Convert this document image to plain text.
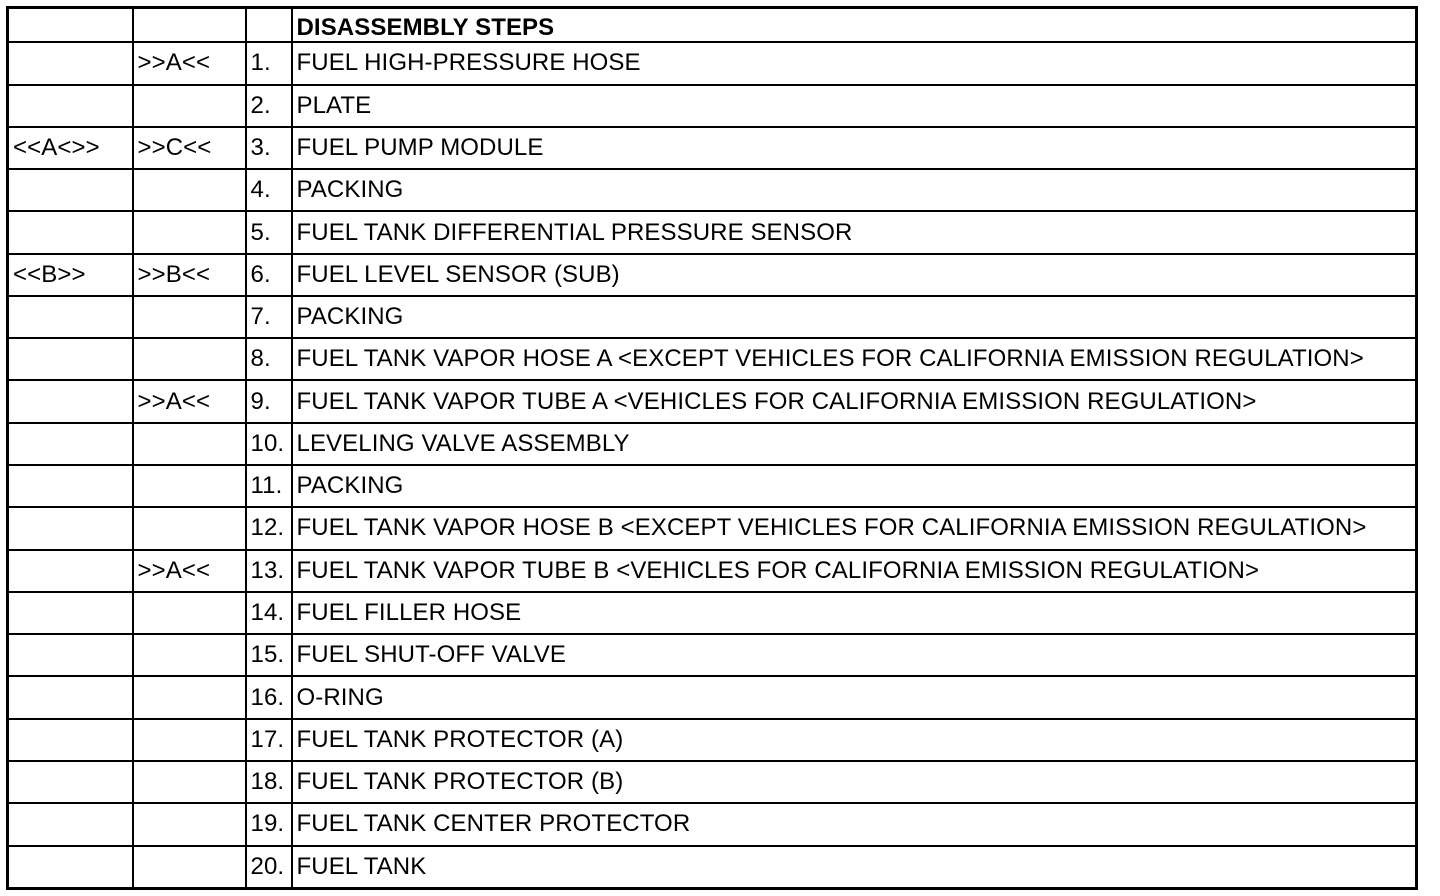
			DISASSEMBLY STEPS
	>>A<<	1.	FUEL HIGH-PRESSURE HOSE
		2.	PLATE
<<A<>>	>>C<<	3.	FUEL PUMP MODULE
		4.	PACKING
		5.	FUEL TANK DIFFERENTIAL PRESSURE SENSOR
<<B>>	>>B<<	6.	FUEL LEVEL SENSOR (SUB)
		7.	PACKING
		8.	FUEL TANK VAPOR HOSE A <EXCEPT VEHICLES FOR CALIFORNIA EMISSION REGULATION>
	>>A<<	9.	FUEL TANK VAPOR TUBE A <VEHICLES FOR CALIFORNIA EMISSION REGULATION>
		10.	LEVELING VALVE ASSEMBLY
		11.	PACKING
		12.	FUEL TANK VAPOR HOSE B <EXCEPT VEHICLES FOR CALIFORNIA EMISSION REGULATION>
	>>A<<	13.	FUEL TANK VAPOR TUBE B <VEHICLES FOR CALIFORNIA EMISSION REGULATION>
		14.	FUEL FILLER HOSE
		15.	FUEL SHUT-OFF VALVE
		16.	O-RING
		17.	FUEL TANK PROTECTOR (A)
		18.	FUEL TANK PROTECTOR (B)
		19.	FUEL TANK CENTER PROTECTOR
		20.	FUEL TANK
